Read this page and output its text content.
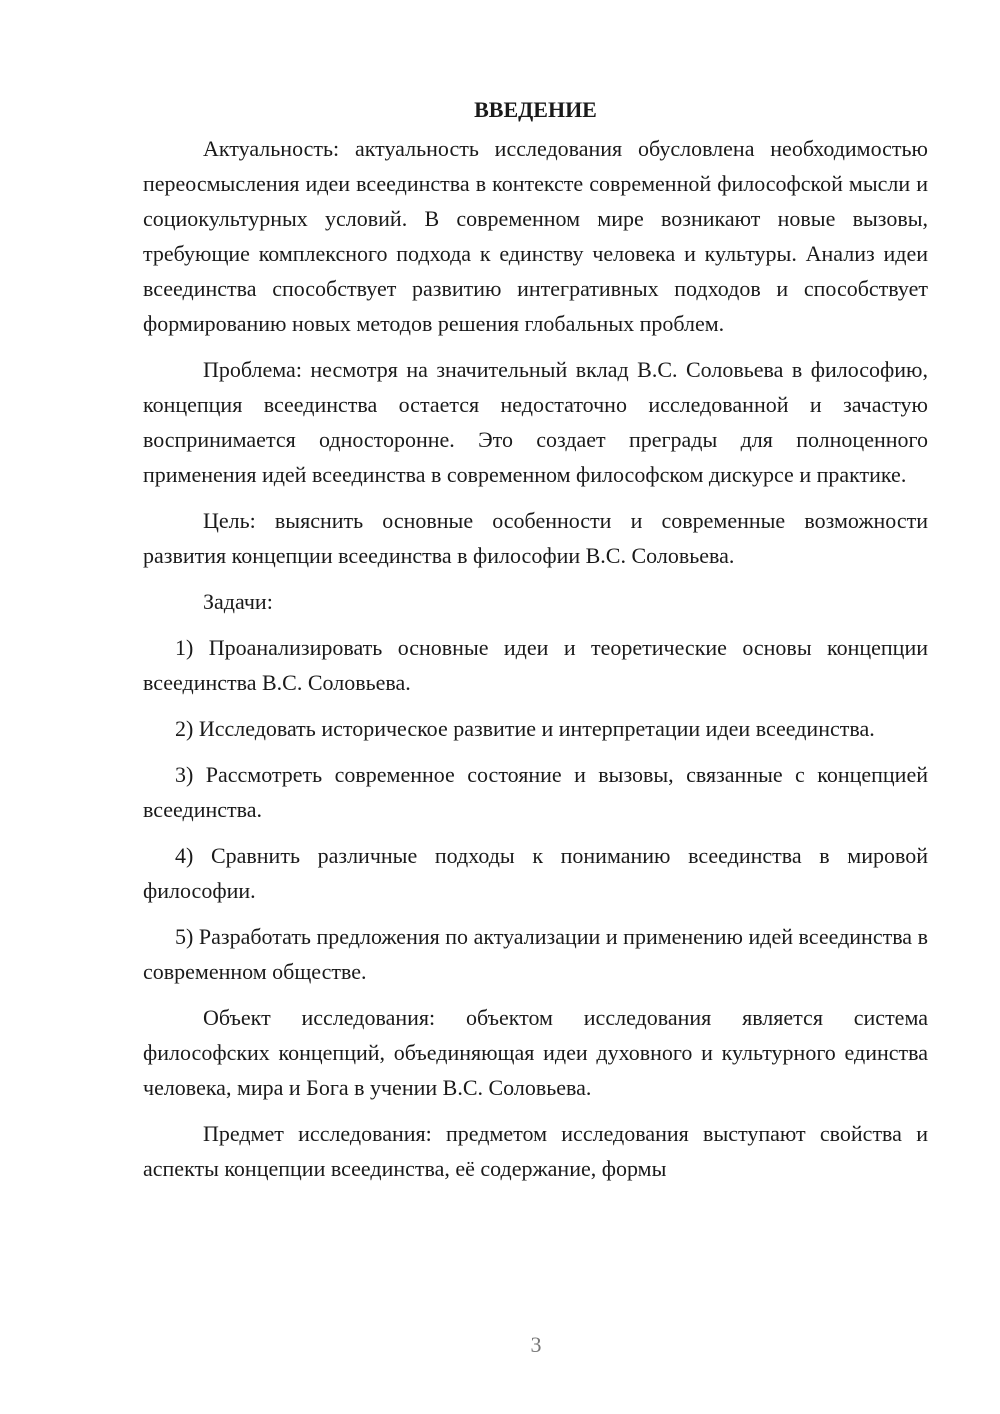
ВВЕДЕНИЕ

Актуальность: актуальность исследования обусловлена необходимостью переосмысления идеи всеединства в контексте современной философской мысли и социокультурных условий. В современном мире возникают новые вызовы, требующие комплексного подхода к единству человека и культуры. Анализ идеи всеединства способствует развитию интегративных подходов и способствует формированию новых методов решения глобальных проблем.

Проблема: несмотря на значительный вклад В.С. Соловьева в философию, концепция всеединства остается недостаточно исследованной и зачастую воспринимается односторонне. Это создает преграды для полноценного применения идей всеединства в современном философском дискурсе и практике.

Цель: выяснить основные особенности и современные возможности развития концепции всеединства в философии В.С. Соловьева.

Задачи:

1) Проанализировать основные идеи и теоретические основы концепции всеединства В.С. Соловьева.

2) Исследовать историческое развитие и интерпретации идеи всеединства.

3) Рассмотреть современное состояние и вызовы, связанные с концепцией всеединства.

4) Сравнить различные подходы к пониманию всеединства в мировой философии.

5) Разработать предложения по актуализации и применению идей всеединства в современном обществе.

Объект исследования: объектом исследования является система философских концепций, объединяющая идеи духовного и культурного единства человека, мира и Бога в учении В.С. Соловьева.

Предмет исследования: предметом исследования выступают свойства и аспекты концепции всеединства, её содержание, формы

3
